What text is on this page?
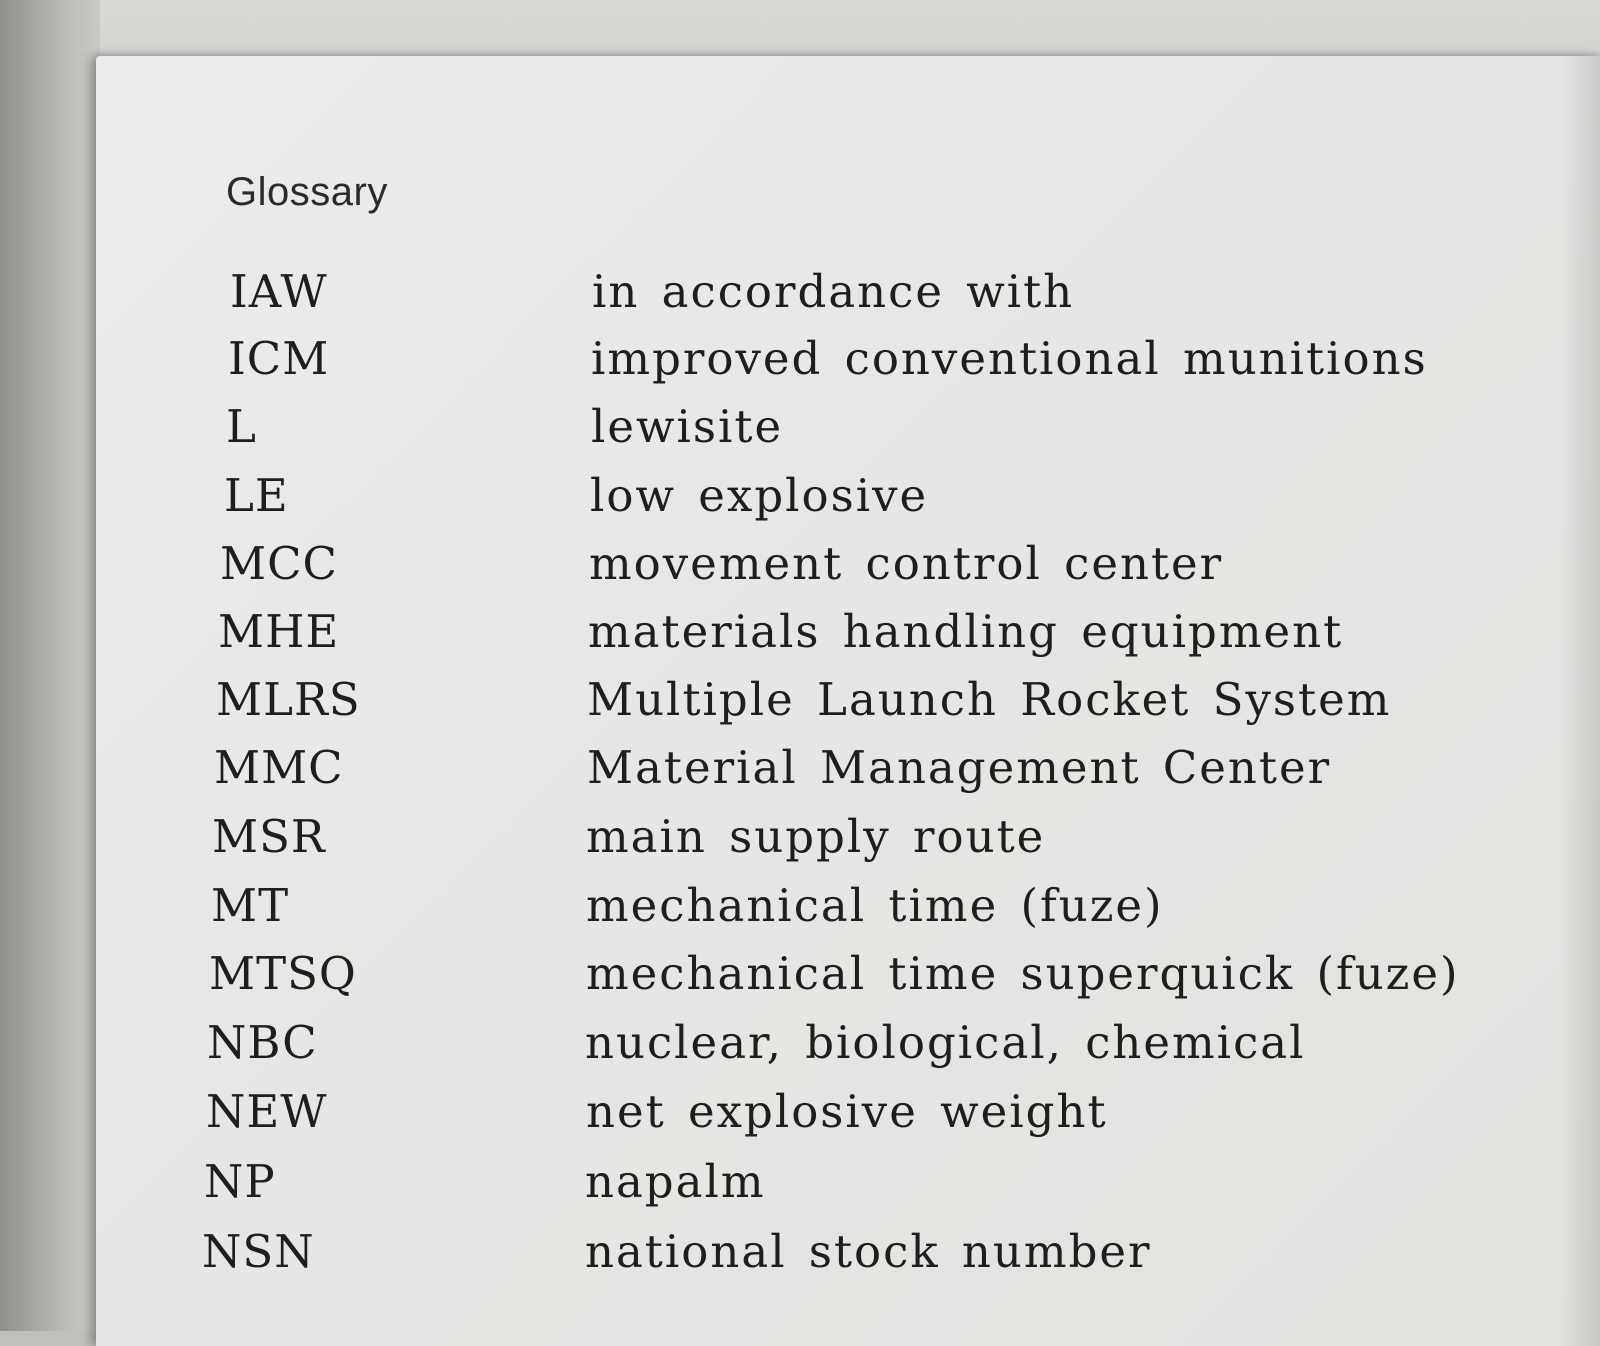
Glossary
IAW	in accordance with
ICM	improved conventional munitions
L	lewisite
LE	low explosive
MCC	movement control center
MHE	materials handling equipment
MLRS	Multiple Launch Rocket System
MMC	Material Management Center
MSR	main supply route
MT	mechanical time (fuze)
MTSQ	mechanical time superquick (fuze)
NBC	nuclear, biological, chemical
NEW	net explosive weight
NP	napalm
NSN	national stock number
